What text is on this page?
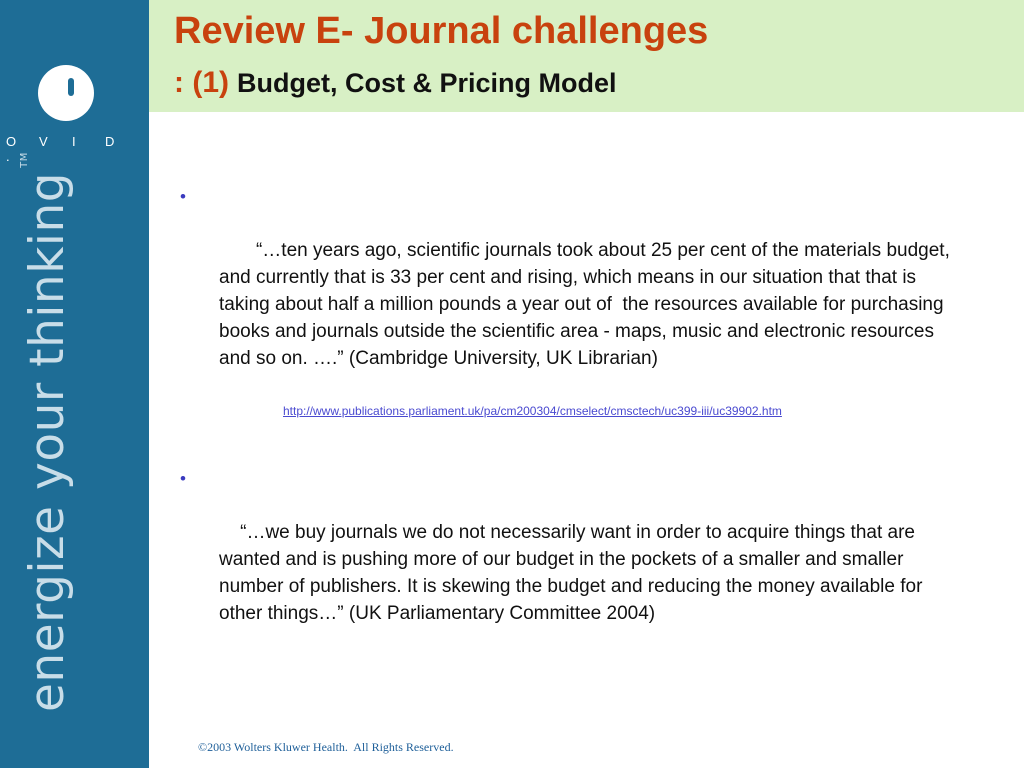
O V I D.
energize your thinking™
Review E- Journal challenges
: (1) Budget, Cost & Pricing Model

•

“…ten years ago, scientific journals took about 25 per cent of the materials budget, and currently that is 33 per cent and rising, which means in our situation that that is taking about half a million pounds a year out of  the resources available for purchasing books and journals outside the scientific area - maps, music and electronic resources and so on. ….” (Cambridge University, UK Librarian)

http://www.publications.parliament.uk/pa/cm200304/cmselect/cmsctech/uc399-iii/uc39902.htm

•

“…we buy journals we do not necessarily want in order to acquire things that are wanted and is pushing more of our budget in the pockets of a smaller and smaller number of publishers. It is skewing the budget and reducing the money available for other things…” (UK Parliamentary Committee 2004)

©2003 Wolters Kluwer Health.  All Rights Reserved.
